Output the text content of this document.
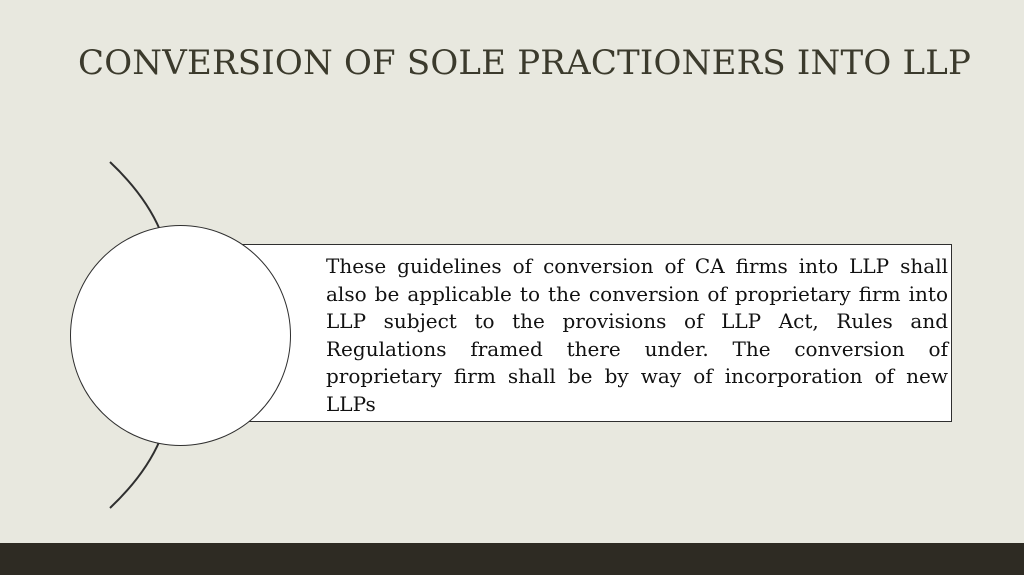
CONVERSION OF SOLE PRACTIONERS INTO LLP

These guidelines of conversion of CA firms into LLP shall also be applicable to the conversion of proprietary firm into LLP subject to the provisions of LLP Act, Rules and Regulations framed there under. The conversion of proprietary firm shall be by way of incorporation of new LLPs
